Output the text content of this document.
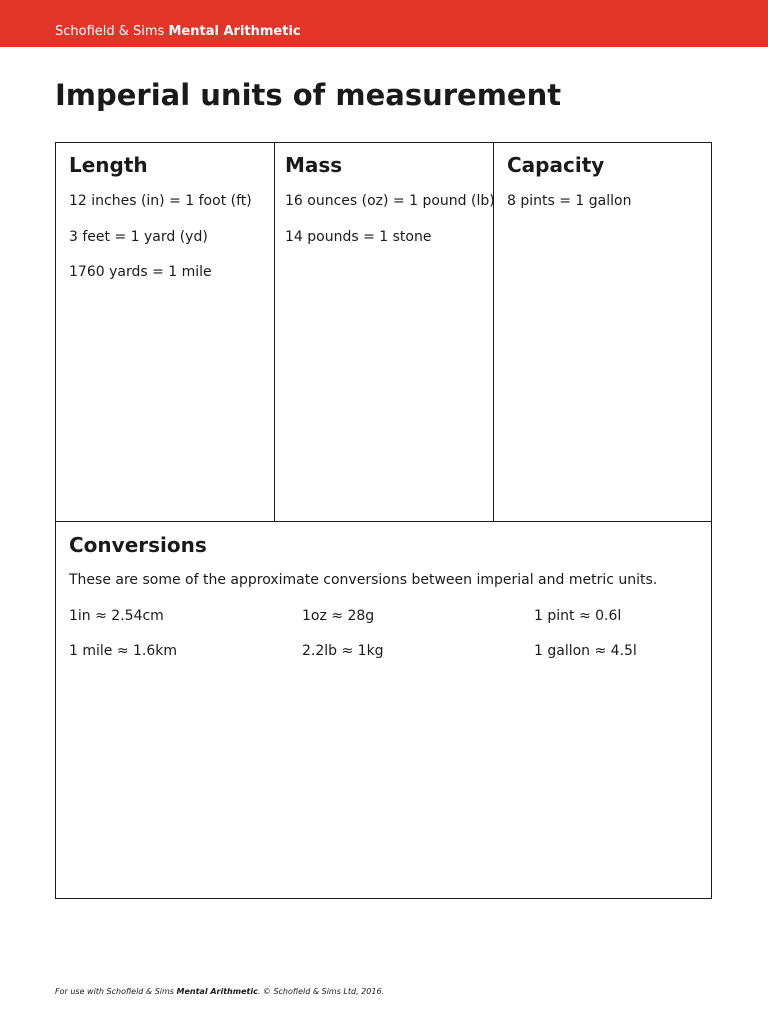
Schofield & Sims Mental Arithmetic
Imperial units of measurement
Length
12 inches (in) = 1 foot (ft)
3 feet = 1 yard (yd)
1760 yards = 1 mile
Mass
16 ounces (oz) = 1 pound (lb)
14 pounds = 1 stone
Capacity
8 pints = 1 gallon
Conversions
These are some of the approximate conversions between imperial and metric units.
1in ≈ 2.54cm	1oz ≈ 28g	1 pint ≈ 0.6l
1 mile ≈ 1.6km	2.2lb ≈ 1kg	1 gallon ≈ 4.5l
For use with Schofield & Sims Mental Arithmetic. © Schofield & Sims Ltd, 2016.
